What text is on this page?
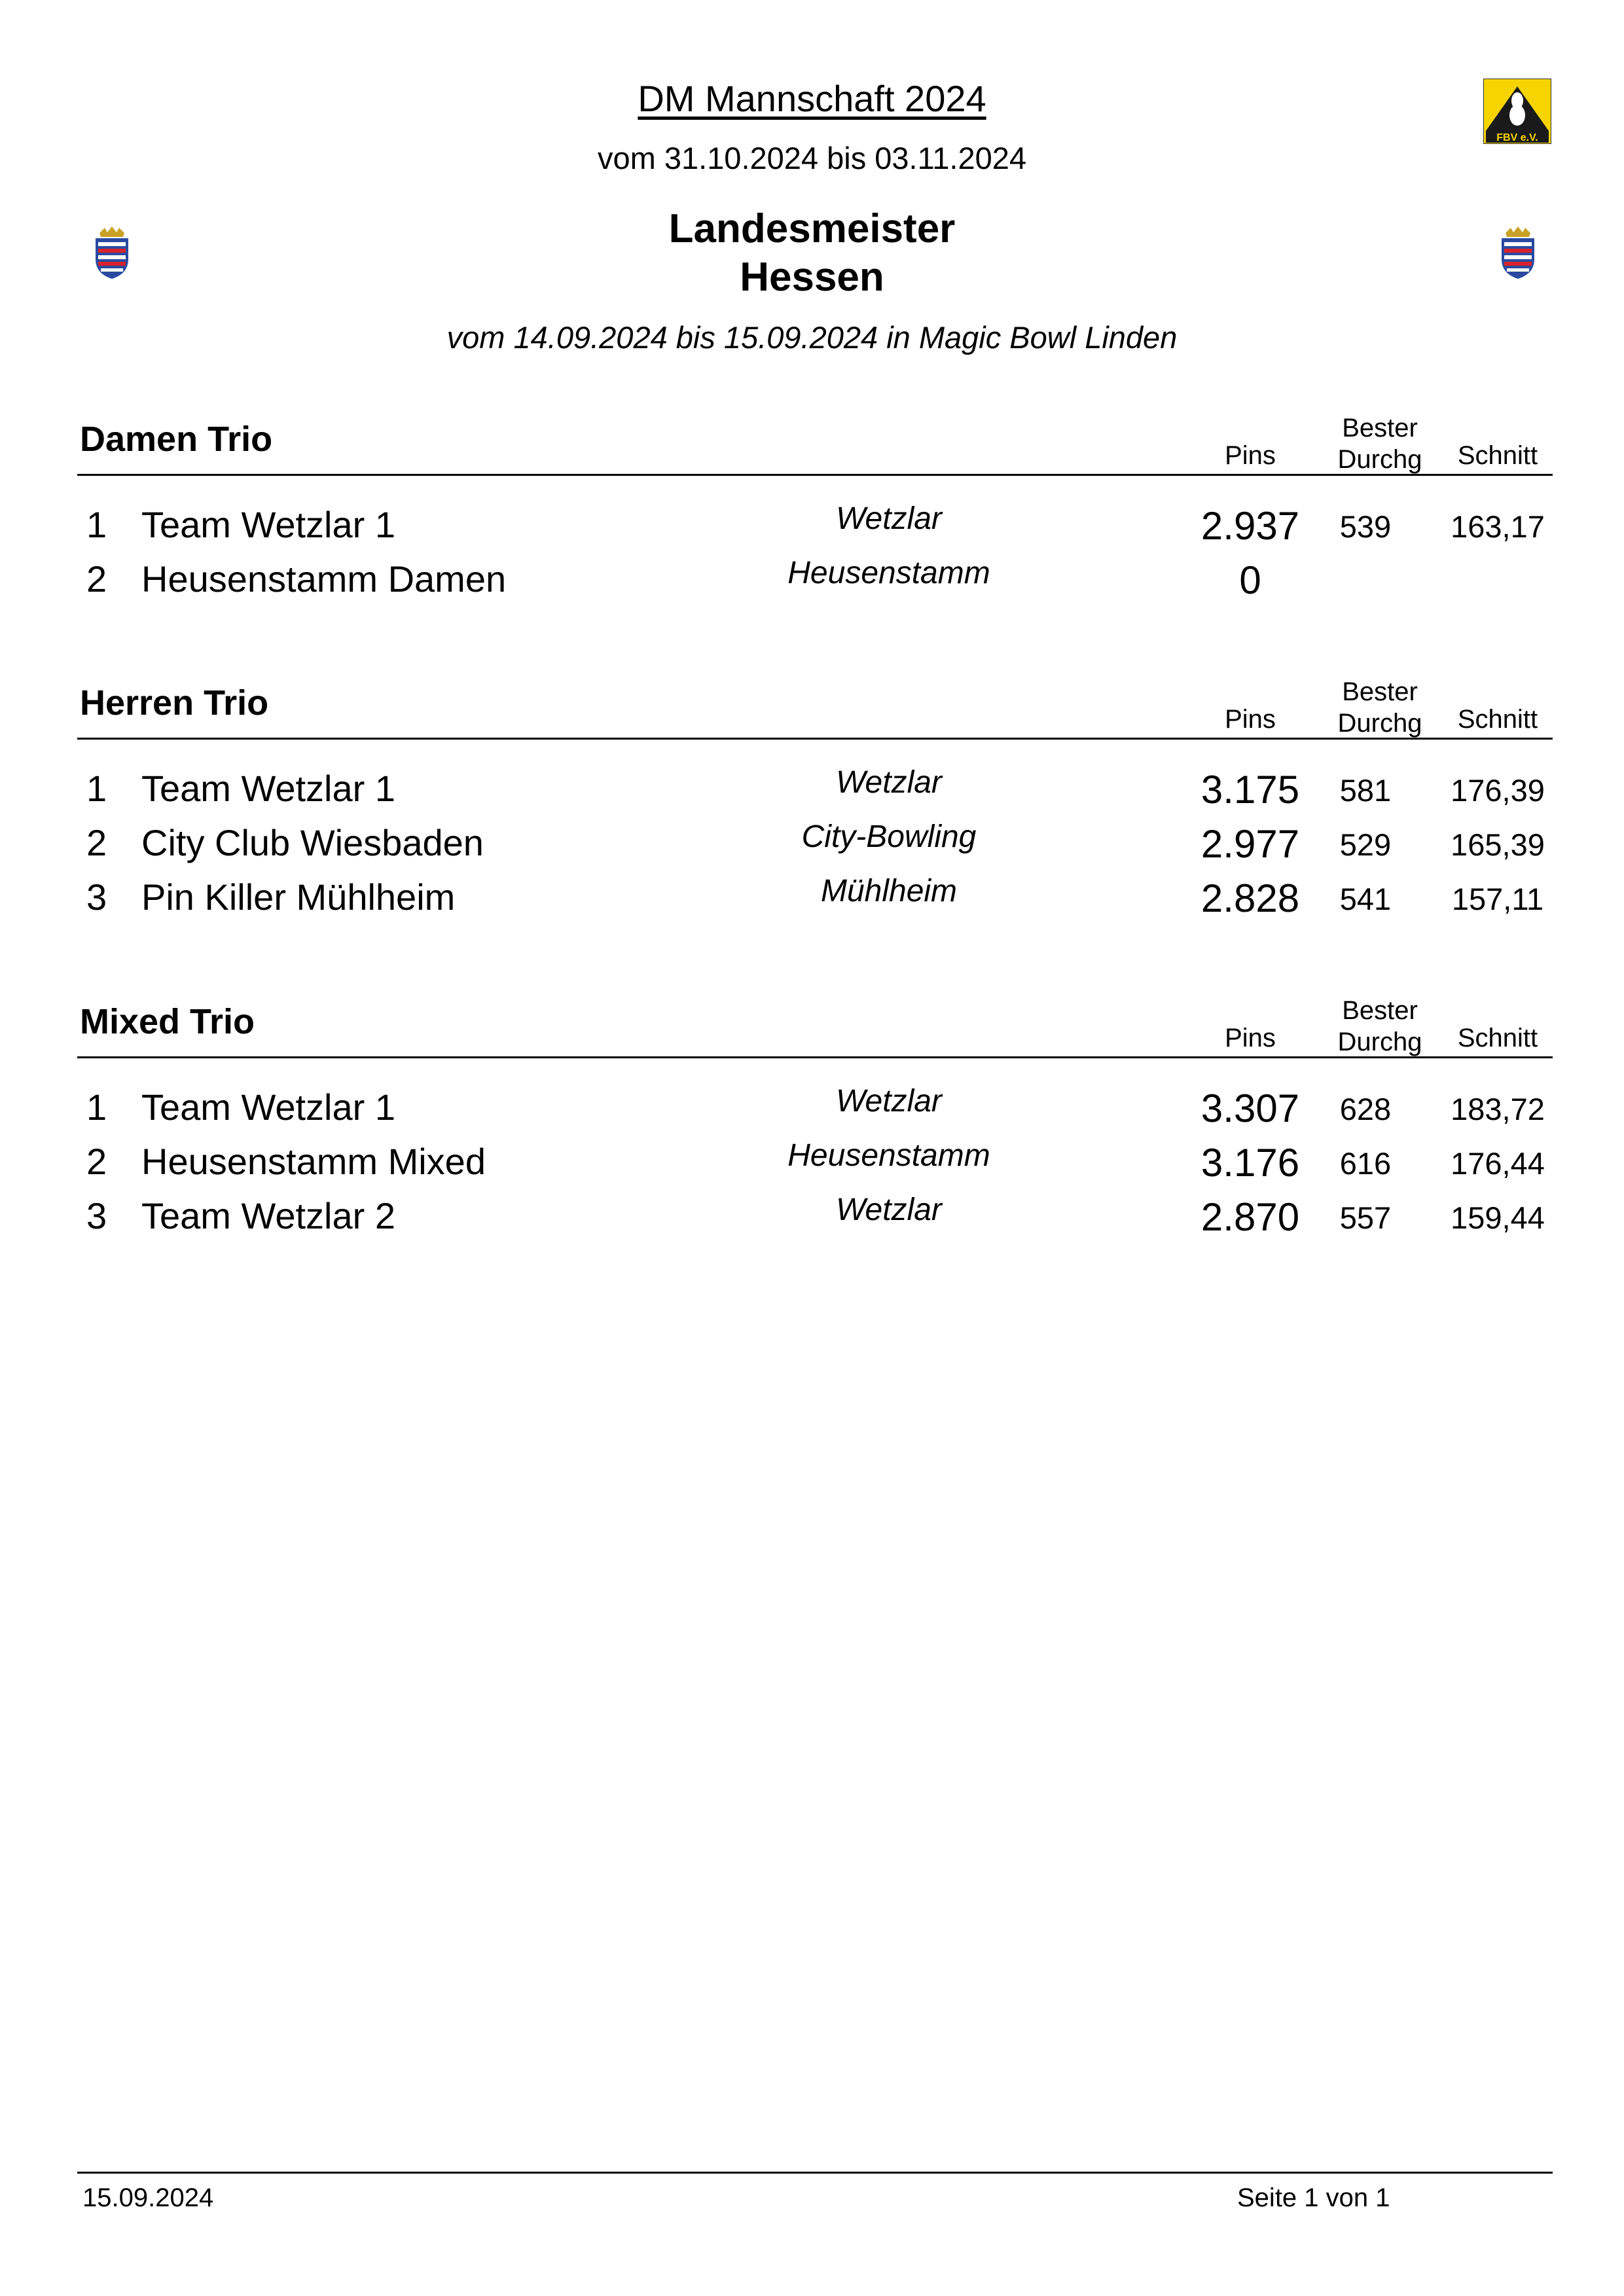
DM Mannschaft 2024
vom 31.10.2024 bis 03.11.2024
Landesmeister
Hessen
vom 14.09.2024 bis 15.09.2024 in Magic Bowl Linden
FBV e.V.
Damen Trio	Pins
Bester
Durchg	Schnitt
1 Team Wetzlar 1	Wetzlar	2.937	539	163,17
2 Heusenstamm Damen	Heusenstamm	0
Herren Trio	Pins
Bester
Durchg	Schnitt
1 Team Wetzlar 1	Wetzlar	3.175	581	176,39
2 City Club Wiesbaden	City-Bowling	2.977	529	165,39
3 Pin Killer Mühlheim	Mühlheim	2.828	541	157,11
Mixed Trio	Pins
Bester
Durchg	Schnitt
1 Team Wetzlar 1	Wetzlar	3.307	628	183,72
2 Heusenstamm Mixed	Heusenstamm	3.176	616	176,44
3 Team Wetzlar 2	Wetzlar	2.870	557	159,44
15.09.2024	Seite 1 von 1
